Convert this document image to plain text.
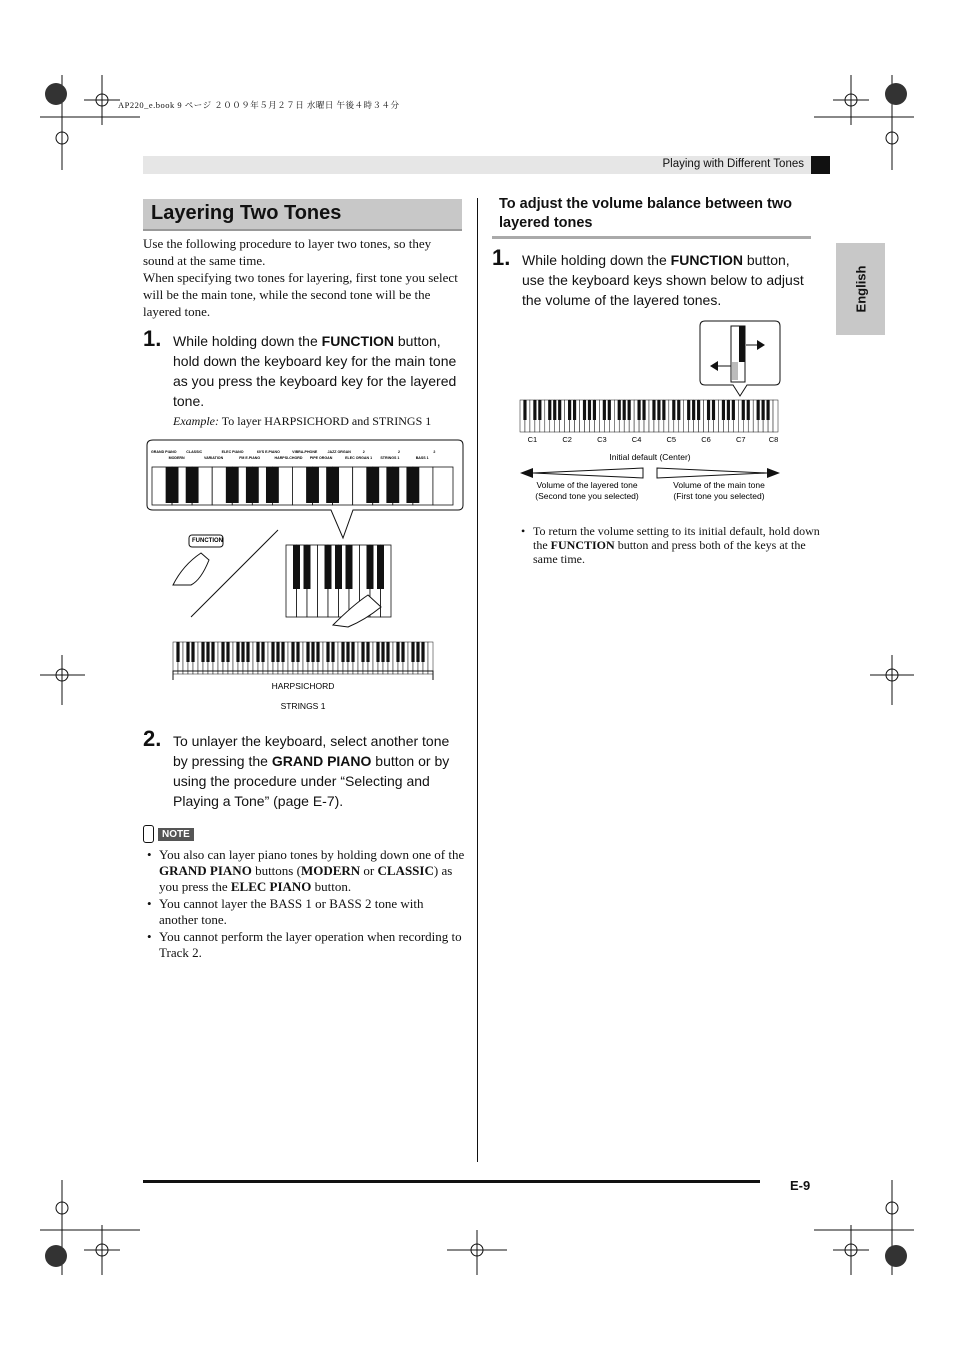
AP220_e.book 9 ページ ２００９年５月２７日 水曜日 午後４時３４分
Playing with Different Tones
English
Layering Two Tones
Use the following procedure to layer two tones, so they sound at the same time.
When specifying two tones for layering, first tone you select will be the main tone, while the second tone will be the layered tone.
1. While holding down the FUNCTION button, hold down the keyboard key for the main tone as you press the keyboard key for the layered tone.
Example: To layer HARPSICHORD and STRINGS 1
GRAND PIANO
MODERN
CLASSIC
VARIATION
ELEC PIANO
FM E.PIANO
60'S E.PIANO
HARPSI-CHORD
VIBRA-PHONE
PIPE ORGAN
JAZZ ORGAN
ELEC ORGAN 1
2
STRINGS 1
2
BASS 1
2
FUNCTION
HARPSICHORD
STRINGS 1
2. To unlayer the keyboard, select another tone by pressing the GRAND PIANO button or by using the procedure under “Selecting and Playing a Tone” (page E-7).
NOTE
• You also can layer piano tones by holding down one of the GRAND PIANO buttons (MODERN or CLASSIC) as you press the ELEC PIANO button.
• You cannot layer the BASS 1 or BASS 2 tone with another tone.
• You cannot perform the layer operation when recording to Track 2.
To adjust the volume balance between two layered tones
1. While holding down the FUNCTION button, use the keyboard keys shown below to adjust the volume of the layered tones.
C1	C2	C3	C4	C5	C6	C7	C8
Initial default (Center)
Volume of the layered tone
(Second tone you selected)
Volume of the main tone
(First tone you selected)
• To return the volume setting to its initial default, hold down the FUNCTION button and press both of the keys at the same time.
E-9
